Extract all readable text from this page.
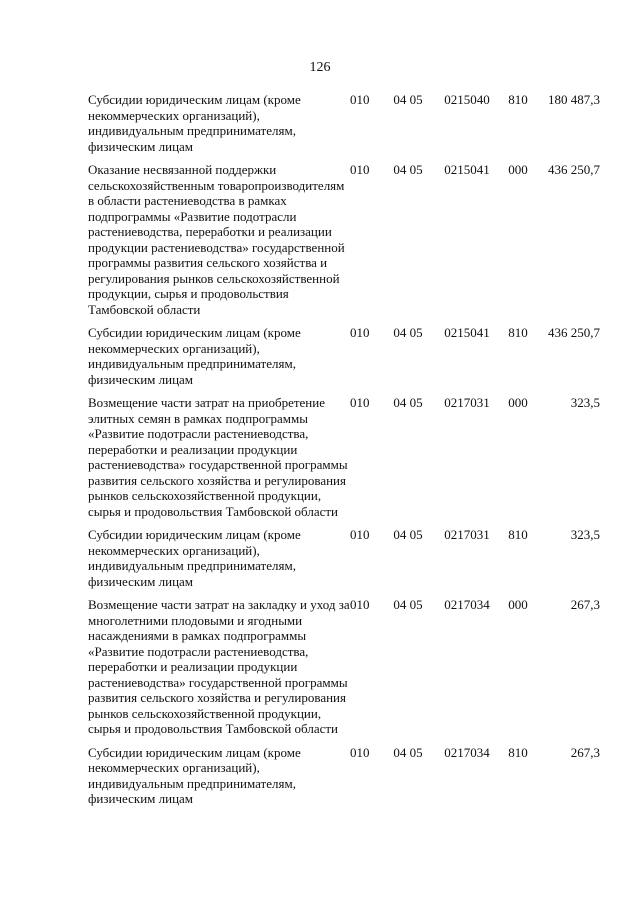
126
Субсидии юридическим лицам (кроме некоммерческих организаций), индивидуальным предпринимателям, физическим лицам	010	04 05	0215040	810	180 487,3
Оказание несвязанной поддержки сельскохозяйственным товаропроизводителям в области растениеводства в рамках подпрограммы «Развитие подотрасли растениеводства, переработки и реализации продукции растениеводства» государственной программы развития сельского хозяйства и регулирования рынков сельскохозяйственной продукции, сырья и продовольствия Тамбовской области	010	04 05	0215041	000	436 250,7
Субсидии юридическим лицам (кроме некоммерческих организаций), индивидуальным предпринимателям, физическим лицам	010	04 05	0215041	810	436 250,7
Возмещение части затрат на приобретение элитных семян в рамках подпрограммы «Развитие подотрасли растениеводства, переработки и реализации продукции растениеводства» государственной программы развития сельского хозяйства и регулирования рынков сельскохозяйственной продукции, сырья и продовольствия Тамбовской области	010	04 05	0217031	000	323,5
Субсидии юридическим лицам (кроме некоммерческих организаций), индивидуальным предпринимателям, физическим лицам	010	04 05	0217031	810	323,5
Возмещение части затрат на закладку и уход за многолетними плодовыми и ягодными насаждениями в рамках подпрограммы «Развитие подотрасли растениеводства, переработки и реализации продукции растениеводства» государственной программы развития сельского хозяйства и регулирования рынков сельскохозяйственной продукции, сырья и продовольствия Тамбовской области	010	04 05	0217034	000	267,3
Субсидии юридическим лицам (кроме некоммерческих организаций), индивидуальным предпринимателям, физическим лицам	010	04 05	0217034	810	267,3
